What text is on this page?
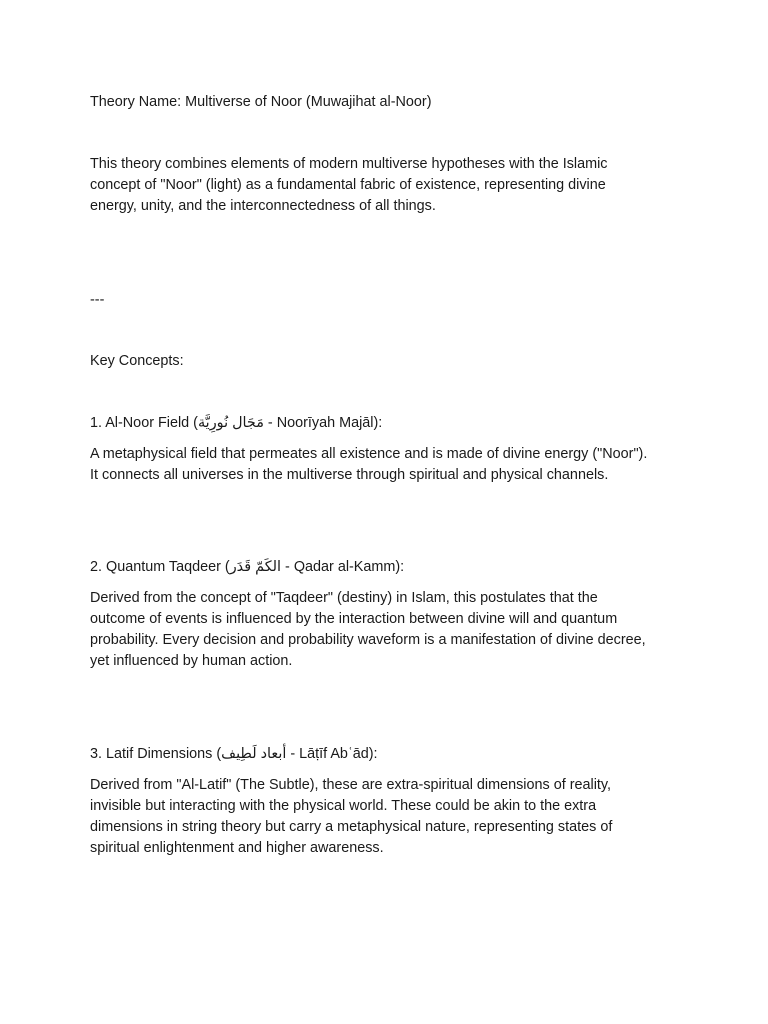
Theory Name: Multiverse of Noor (Muwajihat al-Noor)
This theory combines elements of modern multiverse hypotheses with the Islamic
concept of "Noor" (light) as a fundamental fabric of existence, representing divine
energy, unity, and the interconnectedness of all things.
---
Key Concepts:
1. Al-Noor Field (مَجَال نُورِيَّة - Noorīyah Majāl):
A metaphysical field that permeates all existence and is made of divine energy ("Noor").
It connects all universes in the multiverse through spiritual and physical channels.
2. Quantum Taqdeer (الكَمّ قَدَر - Qadar al-Kamm):
Derived from the concept of "Taqdeer" (destiny) in Islam, this postulates that the
outcome of events is influenced by the interaction between divine will and quantum
probability. Every decision and probability waveform is a manifestation of divine decree,
yet influenced by human action.
3. Latif Dimensions (أبعاد لَطِيف - Lāṭīf Abʿād):
Derived from "Al-Latif" (The Subtle), these are extra-spiritual dimensions of reality,
invisible but interacting with the physical world. These could be akin to the extra
dimensions in string theory but carry a metaphysical nature, representing states of
spiritual enlightenment and higher awareness.
